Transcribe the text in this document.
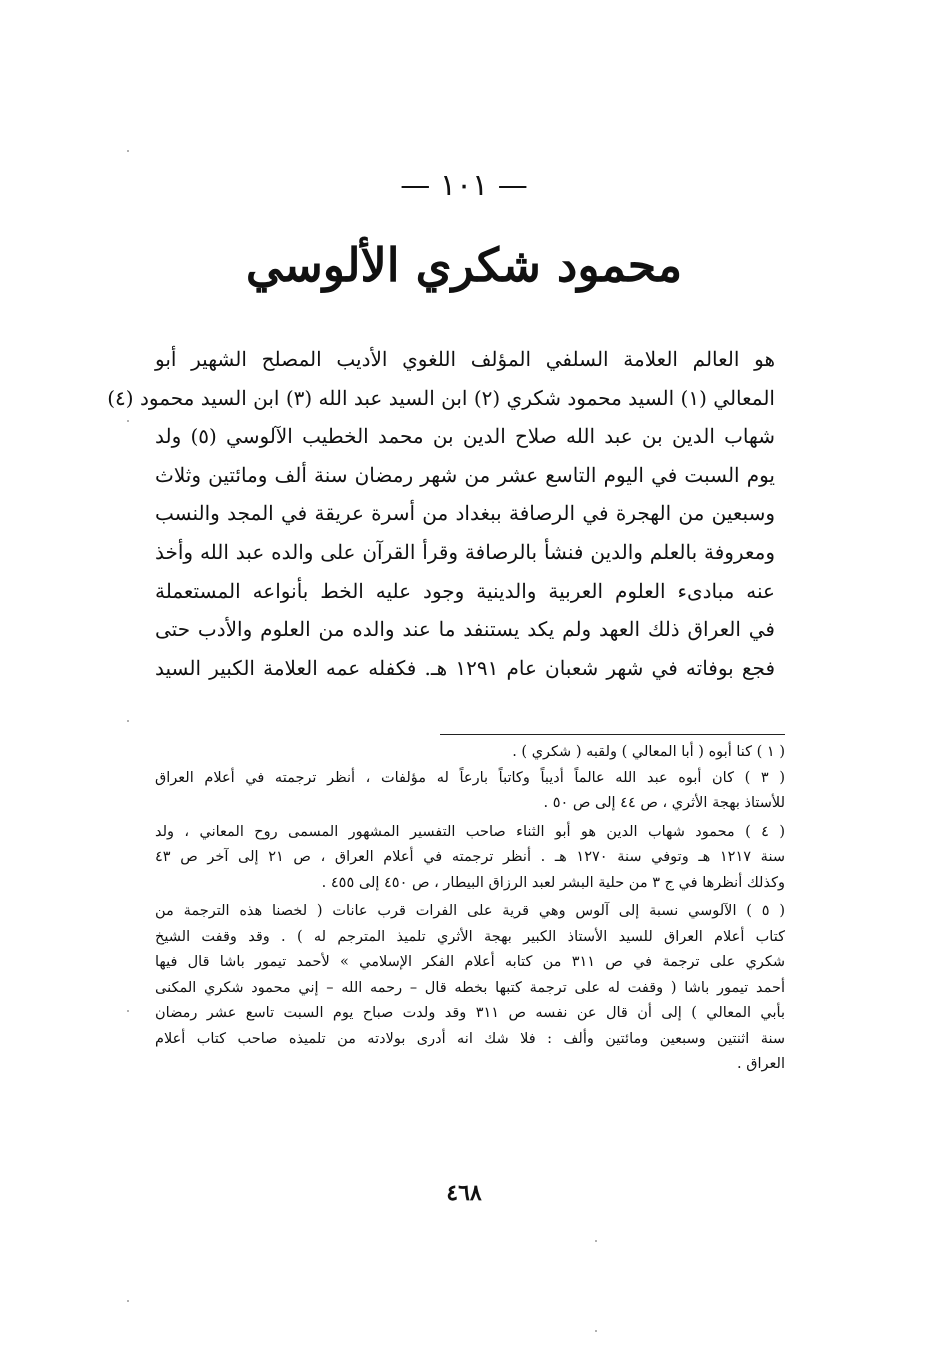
— ١٠١ —
محمود شكري الألوسي
هو العالم العلامة السلفي المؤلف اللغوي الأديب المصلح الشهير أبو
المعالي (١) السيد محمود شكري (٢) ابن السيد عبد الله (٣) ابن السيد محمود (٤)
شهاب الدين بن عبد الله صلاح الدين بن محمد الخطيب الآلوسي (٥) ولد
يوم السبت في اليوم التاسع عشر من شهر رمضان سنة ألف ومائتين وثلاث
وسبعين من الهجرة في الرصافة ببغداد من أسرة عريقة في المجد والنسب
ومعروفة بالعلم والدين فنشأ بالرصافة وقرأ القرآن على والده عبد الله وأخذ
عنه مبادىء العلوم العربية والدينية وجود عليه الخط بأنواعه المستعملة
في العراق ذلك العهد ولم يكد يستنفد ما عند والده من العلوم والأدب حتى
فجع بوفاته في شهر شعبان عام ١٢٩١ هـ. فكفله عمه العلامة الكبير السيد
( ١ ) كنا أبوه ( أبا المعالي ) ولقبه ( شكري ) .
( ٣ ) كان أبوه عبد الله عالماً أديباً وكاتباً بارعاً له مؤلفات ، أنظر ترجمته في أعلام العراق
للأستاذ بهجة الأثري ، ص ٤٤ إلى ص ٥٠ .
( ٤ ) محمود شهاب الدين هو أبو الثناء صاحب التفسير المشهور المسمى روح المعاني ، ولد
سنة ١٢١٧ هـ وتوفي سنة ١٢٧٠ هـ . أنظر ترجمته في أعلام العراق ، ص ٢١ إلى آخر ص ٤٣
وكذلك أنظرها في ج ٣ من حلية البشر لعبد الرزاق البيطار ، ص ٤٥٠ إلى ٤٥٥ .
( ٥ ) الآلوسي نسبة إلى آلوس وهي قرية على الفرات قرب عانات ( لخصنا هذه الترجمة من
كتاب أعلام العراق للسيد الأستاذ الكبير بهجة الأثري تلميذ المترجم له ) . وقد وقفت الشيخ
شكري على ترجمة في ص ٣١١ من كتابه أعلام الفكر الإسلامي » لأحمد تيمور باشا قال فيها
أحمد تيمور باشا ( وقفت له على ترجمة كتبها بخطه قال – رحمه الله – إني محمود شكري المكنى
بأبي المعالي ) إلى أن قال عن نفسه ص ٣١١ وقد ولدت صباح يوم السبت تاسع عشر رمضان
سنة اثنتين وسبعين ومائتين وألف : فلا شك انه أدرى بولادته من تلميذه صاحب كتاب أعلام
العراق .
٤٦٨
